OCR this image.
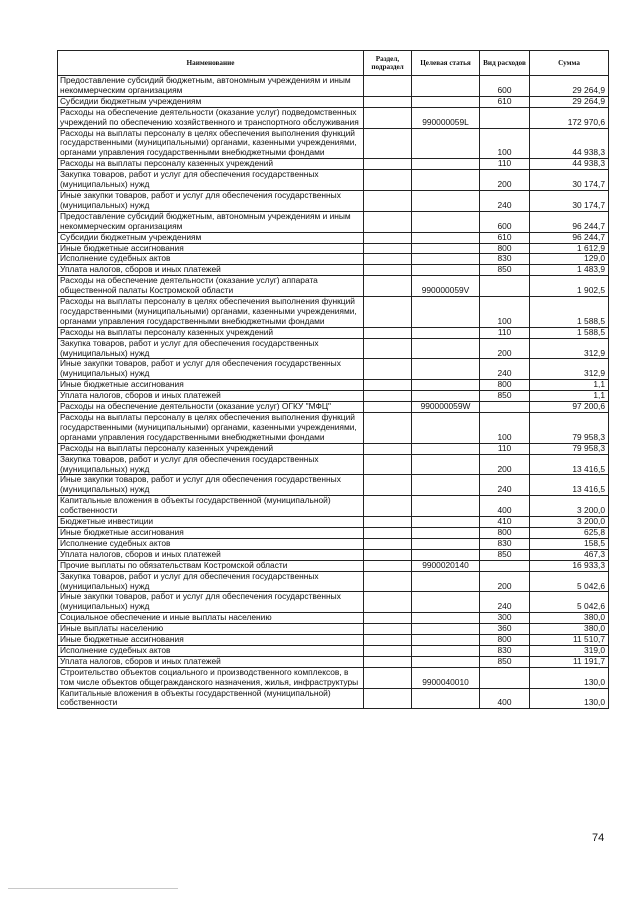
Наименование	Раздел, подраздел	Целевая статья	Вид расходов	Сумма
Предоставление субсидий бюджетным, автономным учреждениям и иным некоммерческим организациям			600	29 264,9
Субсидии бюджетным учреждениям			610	29 264,9
Расходы на обеспечение деятельности (оказание услуг) подведомственных учреждений по обеспечению хозяйственного и транспортного обслуживания		990000059L		172 970,6
Расходы на выплаты персоналу в целях обеспечения выполнения функций государственными (муниципальными) органами, казенными учреждениями, органами управления государственными внебюджетными фондами			100	44 938,3
Расходы на выплаты персоналу казенных учреждений			110	44 938,3
Закупка товаров, работ и услуг для обеспечения государственных (муниципальных) нужд			200	30 174,7
Иные закупки товаров, работ и услуг для обеспечения государственных (муниципальных) нужд			240	30 174,7
Предоставление субсидий бюджетным, автономным учреждениям и иным некоммерческим организациям			600	96 244,7
Субсидии бюджетным учреждениям			610	96 244,7
Иные бюджетные ассигнования			800	1 612,9
Исполнение судебных актов			830	129,0
Уплата налогов, сборов и иных платежей			850	1 483,9
Расходы на обеспечение деятельности (оказание услуг) аппарата общественной палаты Костромской области		990000059V		1 902,5
Расходы на выплаты персоналу в целях обеспечения выполнения функций государственными (муниципальными) органами, казенными учреждениями, органами управления государственными внебюджетными фондами			100	1 588,5
Расходы на выплаты персоналу казенных учреждений			110	1 588,5
Закупка товаров, работ и услуг для обеспечения государственных (муниципальных) нужд			200	312,9
Иные закупки товаров, работ и услуг для обеспечения государственных (муниципальных) нужд			240	312,9
Иные бюджетные ассигнования			800	1,1
Уплата налогов, сборов и иных платежей			850	1,1
Расходы на обеспечение деятельности (оказание услуг) ОГКУ "МФЦ"		990000059W		97 200,6
Расходы на выплаты персоналу в целях обеспечения выполнения функций государственными (муниципальными) органами, казенными учреждениями, органами управления государственными внебюджетными фондами			100	79 958,3
Расходы на выплаты персоналу казенных учреждений			110	79 958,3
Закупка товаров, работ и услуг для обеспечения государственных (муниципальных) нужд			200	13 416,5
Иные закупки товаров, работ и услуг для обеспечения государственных (муниципальных) нужд			240	13 416,5
Капитальные вложения в объекты государственной (муниципальной) собственности			400	3 200,0
Бюджетные инвестиции			410	3 200,0
Иные бюджетные ассигнования			800	625,8
Исполнение судебных актов			830	158,5
Уплата налогов, сборов и иных платежей			850	467,3
Прочие выплаты по обязательствам Костромской области		9900020140		16 933,3
Закупка товаров, работ и услуг для обеспечения государственных (муниципальных) нужд			200	5 042,6
Иные закупки товаров, работ и услуг для обеспечения государственных (муниципальных) нужд			240	5 042,6
Социальное обеспечение и иные выплаты населению			300	380,0
Иные выплаты населению			360	380,0
Иные бюджетные ассигнования			800	11 510,7
Исполнение судебных актов			830	319,0
Уплата налогов, сборов и иных платежей			850	11 191,7
Строительство объектов социального и производственного комплексов, в том числе объектов общегражданского назначения, жилья, инфраструктуры		9900040010		130,0
Капитальные вложения в объекты государственной (муниципальной) собственности			400	130,0
74
